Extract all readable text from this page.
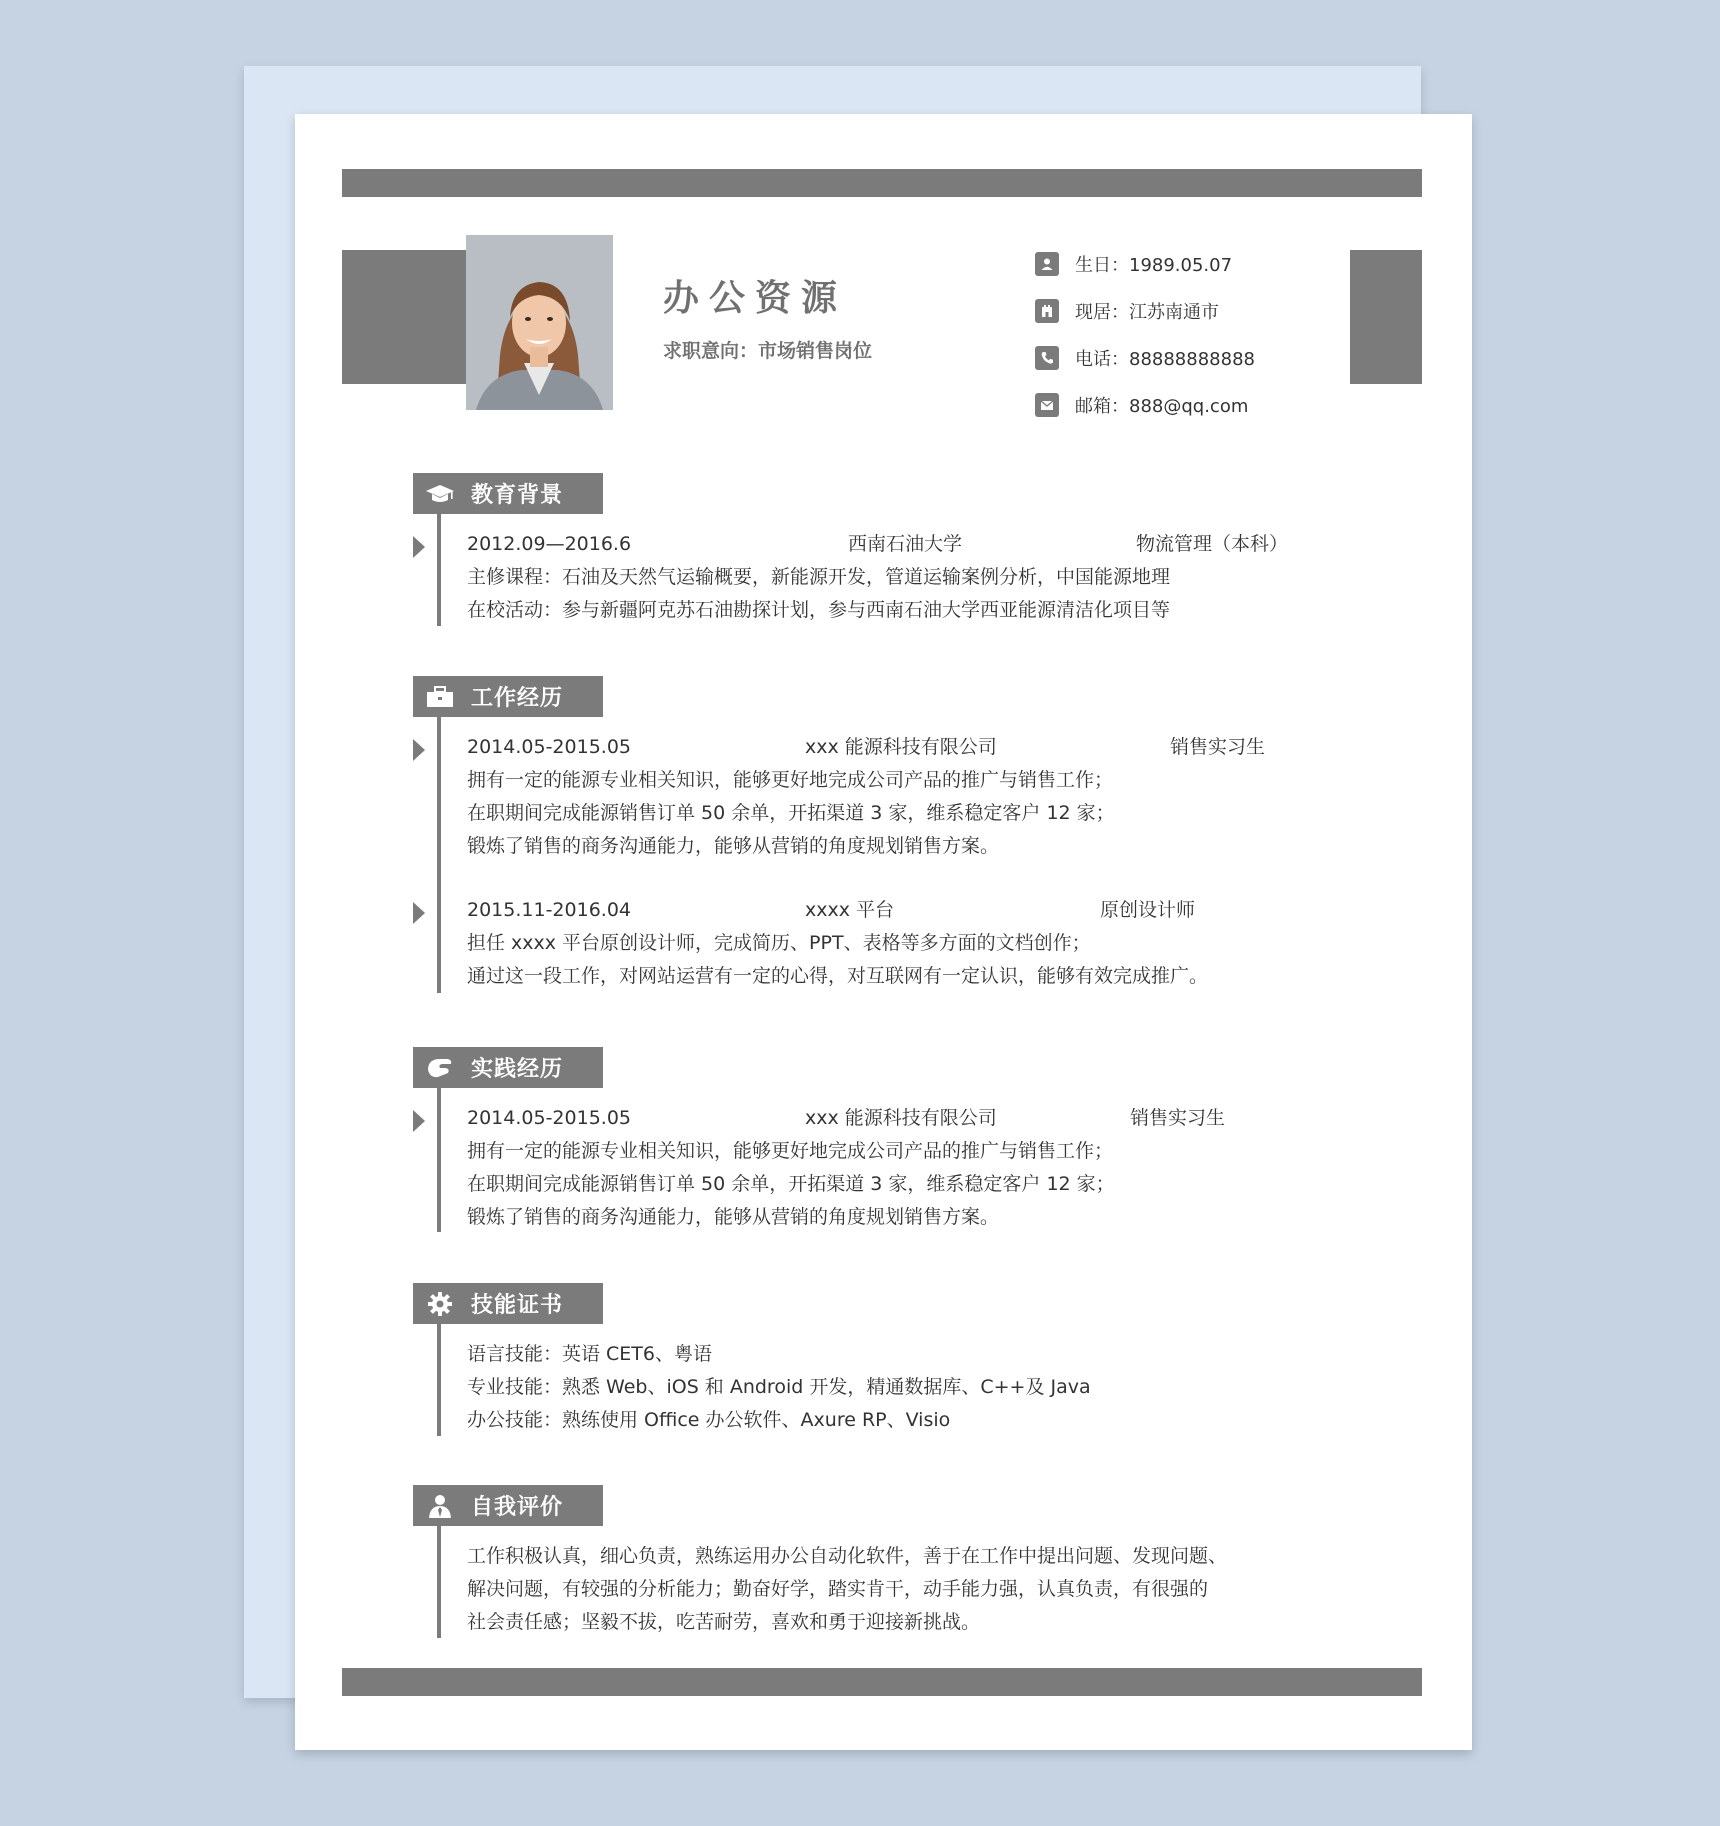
办公资源
求职意向：市场销售岗位
生日：1989.05.07
现居：江苏南通市
电话：88888888888
邮箱：888@qq.com
教育背景
2012.09—2016.6	西南石油大学	物流管理（本科）
主修课程：石油及天然气运输概要，新能源开发，管道运输案例分析，中国能源地理
在校活动：参与新疆阿克苏石油勘探计划，参与西南石油大学西亚能源清洁化项目等
工作经历
2014.05-2015.05	xxx 能源科技有限公司	销售实习生
拥有一定的能源专业相关知识，能够更好地完成公司产品的推广与销售工作；
在职期间完成能源销售订单 50 余单，开拓渠道 3 家，维系稳定客户 12 家；
锻炼了销售的商务沟通能力，能够从营销的角度规划销售方案。
2015.11-2016.04	xxxx 平台	原创设计师
担任 xxxx 平台原创设计师，完成简历、PPT、表格等多方面的文档创作；
通过这一段工作，对网站运营有一定的心得，对互联网有一定认识，能够有效完成推广。
实践经历
2014.05-2015.05	xxx 能源科技有限公司	销售实习生
拥有一定的能源专业相关知识，能够更好地完成公司产品的推广与销售工作；
在职期间完成能源销售订单 50 余单，开拓渠道 3 家，维系稳定客户 12 家；
锻炼了销售的商务沟通能力，能够从营销的角度规划销售方案。
技能证书
语言技能：英语 CET6、粤语
专业技能：熟悉 Web、iOS 和 Android 开发，精通数据库、C++及 Java
办公技能：熟练使用 Office 办公软件、Axure RP、Visio
自我评价
工作积极认真，细心负责，熟练运用办公自动化软件，善于在工作中提出问题、发现问题、
解决问题，有较强的分析能力；勤奋好学，踏实肯干，动手能力强，认真负责，有很强的
社会责任感；坚毅不拔，吃苦耐劳，喜欢和勇于迎接新挑战。
